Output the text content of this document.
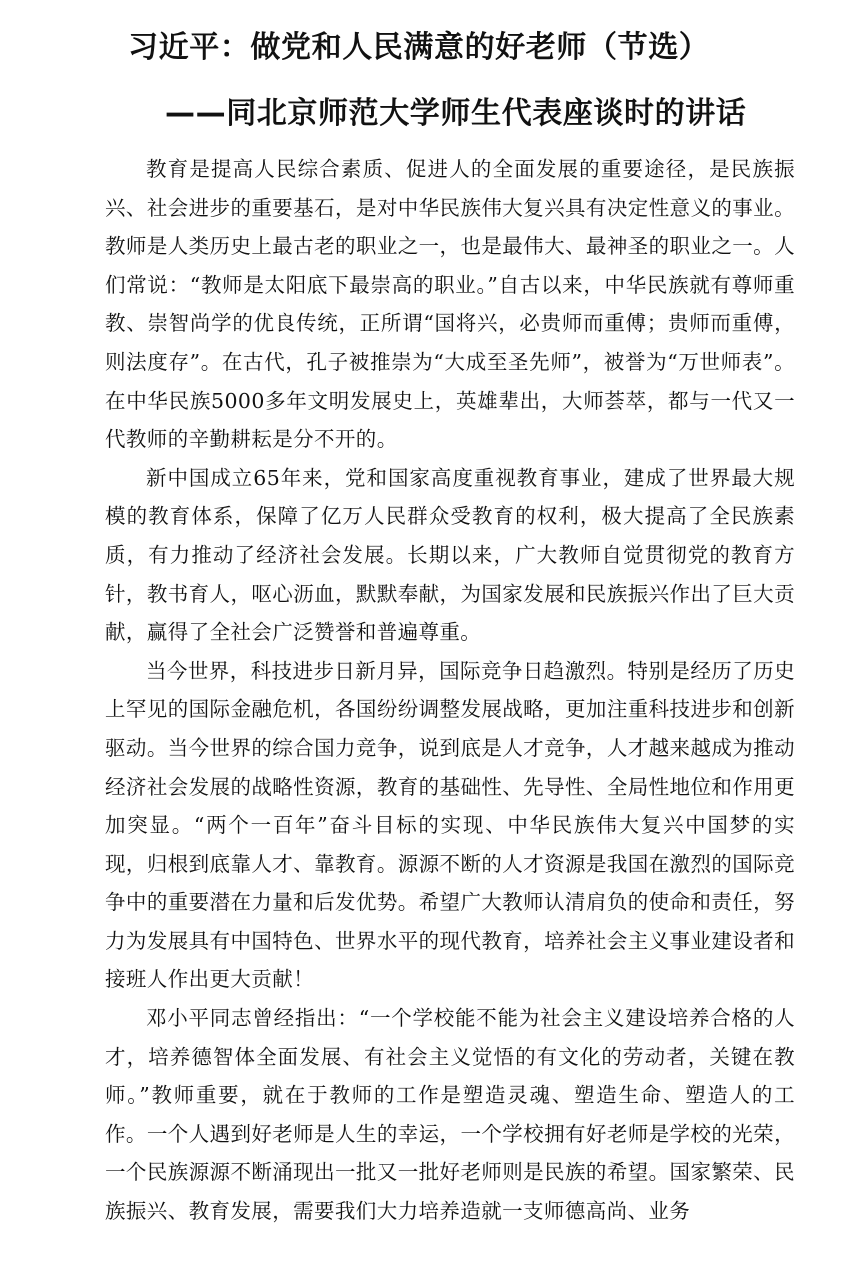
习近平：做党和人民满意的好老师（节选）
——同北京师范大学师生代表座谈时的讲话

教育是提高人民综合素质、促进人的全面发展的重要途径，是民族振兴、社会进步的重要基石，是对中华民族伟大复兴具有决定性意义的事业。教师是人类历史上最古老的职业之一，也是最伟大、最神圣的职业之一。人们常说：“教师是太阳底下最崇高的职业。”自古以来，中华民族就有尊师重教、崇智尚学的优良传统，正所谓“国将兴，必贵师而重傅；贵师而重傅，则法度存”。在古代，孔子被推崇为“大成至圣先师”，被誉为“万世师表”。在中华民族5000多年文明发展史上，英雄辈出，大师荟萃，都与一代又一代教师的辛勤耕耘是分不开的。

新中国成立65年来，党和国家高度重视教育事业，建成了世界最大规模的教育体系，保障了亿万人民群众受教育的权利，极大提高了全民族素质，有力推动了经济社会发展。长期以来，广大教师自觉贯彻党的教育方针，教书育人，呕心沥血，默默奉献，为国家发展和民族振兴作出了巨大贡献，赢得了全社会广泛赞誉和普遍尊重。

当今世界，科技进步日新月异，国际竞争日趋激烈。特别是经历了历史上罕见的国际金融危机，各国纷纷调整发展战略，更加注重科技进步和创新驱动。当今世界的综合国力竞争，说到底是人才竞争，人才越来越成为推动经济社会发展的战略性资源，教育的基础性、先导性、全局性地位和作用更加突显。“两个一百年”奋斗目标的实现、中华民族伟大复兴中国梦的实现，归根到底靠人才、靠教育。源源不断的人才资源是我国在激烈的国际竞争中的重要潜在力量和后发优势。希望广大教师认清肩负的使命和责任，努力为发展具有中国特色、世界水平的现代教育，培养社会主义事业建设者和接班人作出更大贡献！

邓小平同志曾经指出：“一个学校能不能为社会主义建设培养合格的人才，培养德智体全面发展、有社会主义觉悟的有文化的劳动者，关键在教师。”教师重要，就在于教师的工作是塑造灵魂、塑造生命、塑造人的工作。一个人遇到好老师是人生的幸运，一个学校拥有好老师是学校的光荣，一个民族源源不断涌现出一批又一批好老师则是民族的希望。国家繁荣、民族振兴、教育发展，需要我们大力培养造就一支师德高尚、业务
